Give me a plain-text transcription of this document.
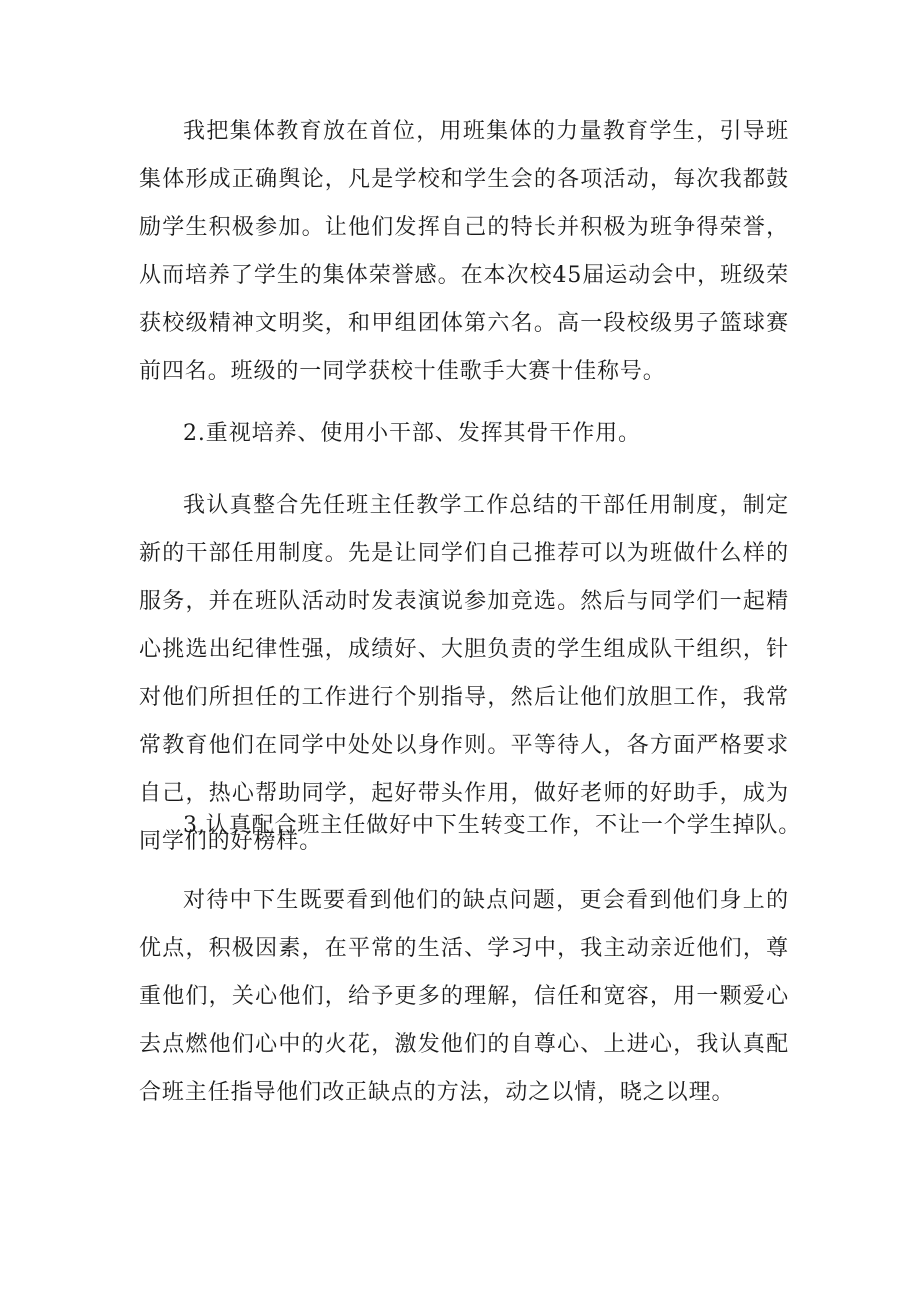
我把集体教育放在首位，用班集体的力量教育学生，引导班集体形成正确舆论，凡是学校和学生会的各项活动，每次我都鼓励学生积极参加。让他们发挥自己的特长并积极为班争得荣誉，从而培养了学生的集体荣誉感。在本次校45届运动会中，班级荣获校级精神文明奖，和甲组团体第六名。高一段校级男子篮球赛前四名。班级的一同学获校十佳歌手大赛十佳称号。

2.重视培养、使用小干部、发挥其骨干作用。

我认真整合先任班主任教学工作总结的干部任用制度，制定新的干部任用制度。先是让同学们自己推荐可以为班做什么样的服务，并在班队活动时发表演说参加竞选。然后与同学们一起精心挑选出纪律性强，成绩好、大胆负责的学生组成队干组织，针对他们所担任的工作进行个别指导，然后让他们放胆工作，我常常教育他们在同学中处处以身作则。平等待人，各方面严格要求自己，热心帮助同学，起好带头作用，做好老师的好助手，成为同学们的好榜样。

3,认真配合班主任做好中下生转变工作，不让一个学生掉队。

对待中下生既要看到他们的缺点问题，更会看到他们身上的优点，积极因素，在平常的生活、学习中，我主动亲近他们，尊重他们，关心他们，给予更多的理解，信任和宽容，用一颗爱心去点燃他们心中的火花，激发他们的自尊心、上进心，我认真配合班主任指导他们改正缺点的方法，动之以情，晓之以理。
